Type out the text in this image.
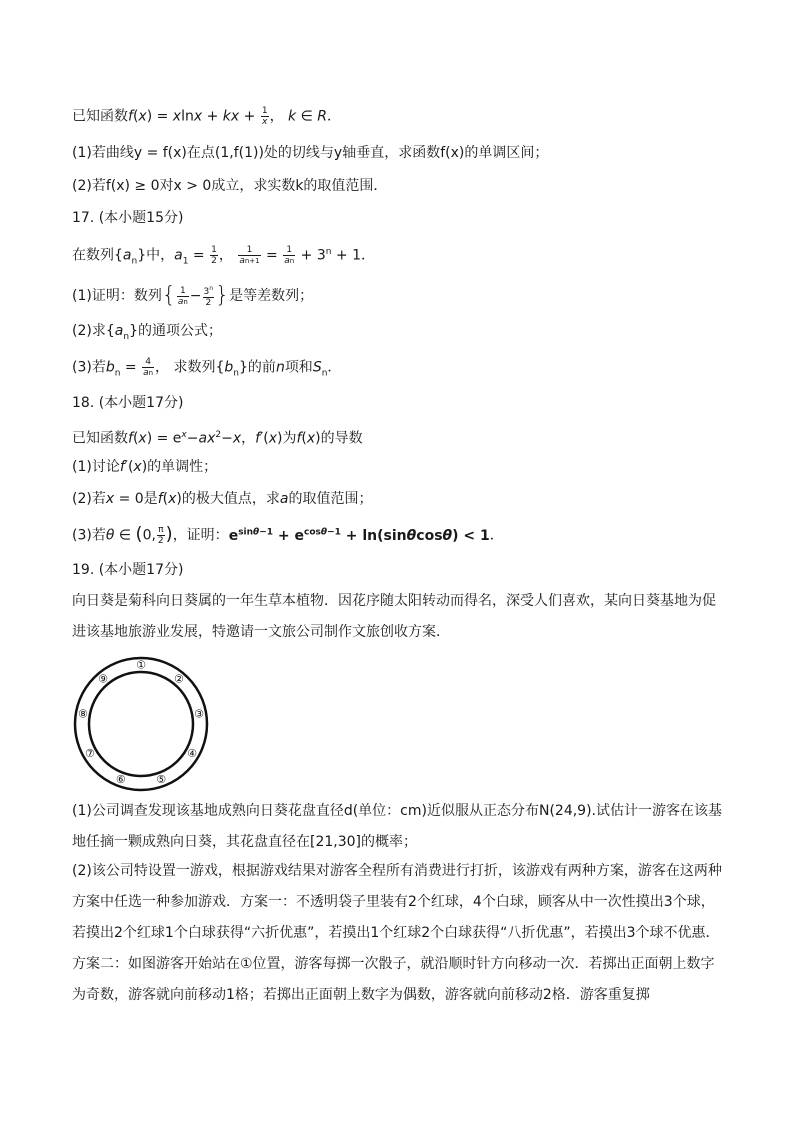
已知函数f(x) = xlnx + kx + $\frac{1}{x}$ ， k ∈ R．
(1)若曲线y = f(x)在点(1,f(1))处的切线与y轴垂直，求函数f(x)的单调区间；
(2)若f(x) ≥ 0对x > 0成立，求实数k的取值范围．
17. (本小题15分)
在数列$\{a_n\}$中，$a_1 = \frac{1}{2}$ ， $\frac{1}{an+1} = \frac{1}{an} + 3^n + 1$．
(1)证明：数列{ $\frac{1}{an} - \frac{3^n}{2}$ }是等差数列；
(2)求$\{a_n\}$的通项公式；
(3)若$b_n = \frac{4}{an}$ ， 求数列$\{b_n\}$的前n项和$S_n$．
18. (本小题17分)
已知函数$f(x) = e^x-ax^2-x$，f′(x)为f(x)的导数
(1)讨论f′(x)的单调性；
(2)若x = 0是f(x)的极大值点，求a的取值范围；
(3)若θ ∈ (0, $\frac{\pi}{2}$ )，证明：$e^{sin\theta-1} + e^{cos\theta-1} + \ln(\sin\theta\cos\theta) < 1$．
19. (本小题17分)
向日葵是菊科向日葵属的一年生草本植物．因花序随太阳转动而得名，深受人们喜欢，某向日葵基地为促进该基地旅游业发展，特邀请一文旅公司制作文旅创收方案．
①
②
③
④
⑤
⑥
⑦
⑧
⑨
(1)公司调查发现该基地成熟向日葵花盘直径d(单位：cm)近似服从正态分布N(24,9).试估计一游客在该基地任摘一颗成熟向日葵，其花盘直径在[21,30]的概率；
(2)该公司特设置一游戏，根据游戏结果对游客全程所有消费进行打折，该游戏有两种方案，游客在这两种方案中任选一种参加游戏．方案一：不透明袋子里装有2个红球，4个白球，顾客从中一次性摸出3个球，若摸出2个红球1个白球获得“六折优惠”，若摸出1个红球2个白球获得“八折优惠”，若摸出3个球不优惠．方案二：如图游客开始站在①位置，游客每掷一次骰子，就沿顺时针方向移动一次．若掷出正面朝上数字为奇数，游客就向前移动1格；若掷出正面朝上数字为偶数，游客就向前移动2格．游客重复掷
